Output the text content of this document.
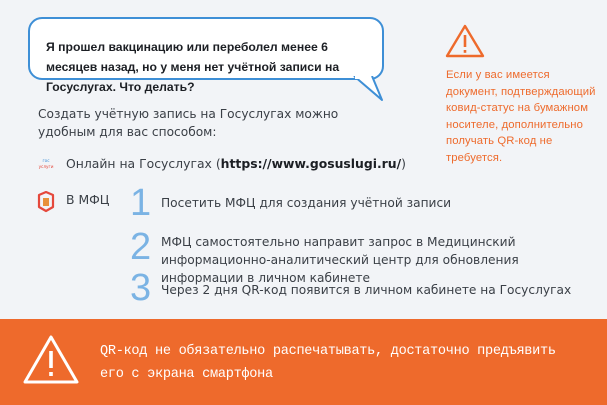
Я прошел вакцинацию или переболел менее 6 месяцев назад, но у меня нет учётной записи на Госуслугах. Что делать?
Если у вас имеется документ, подтверждающий ковид-статус на бумажном носителе, дополнительно получать QR-код не требуется.
Создать учётную запись на Госуслугах можно удобным для вас способом:
гос
услуги Онлайн на Госуслугах (https://www.gosuslugi.ru/)
В МФЦ 1 Посетить МФЦ для создания учётной записи
2 МФЦ самостоятельно направит запрос в Медицинский информационно-аналитический центр для обновления информации в личном кабинете
3 Через 2 дня QR-код появится в личном кабинете на Госуслугах
QR-код не обязательно распечатывать, достаточно предъявить его с экрана смартфона
